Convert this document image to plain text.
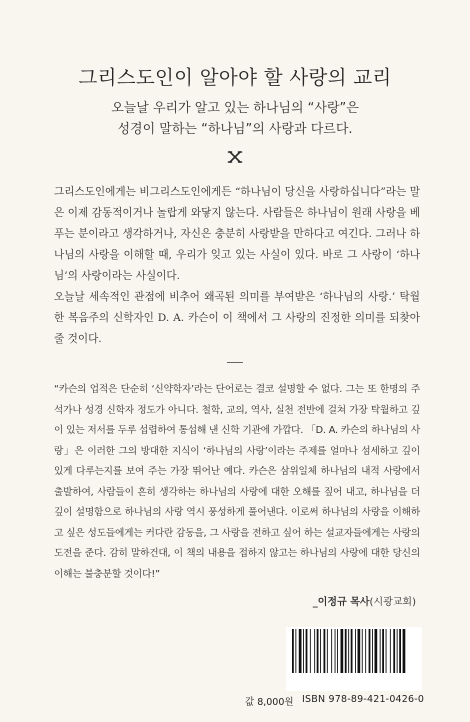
그리스도인이 알아야 할 사랑의 교리
오늘날 우리가 알고 있는 하나님의 “사랑”은
성경이 말하는 “하나님”의 사랑과 다르다.

그리스도인에게는 비그리스도인에게든 “하나님이 당신을 사랑하십니다”라는 말은 이제 감동적이거나 놀랍게 와닿지 않는다. 사람들은 하나님이 원래 사랑을 베푸는 분이라고 생각하거나, 자신은 충분히 사랑받을 만하다고 여긴다. 그러나 하나님의 사랑을 이해할 때, 우리가 잊고 있는 사실이 있다. 바로 그 사랑이 ‘하나님’의 사랑이라는 사실이다.

오늘날 세속적인 관점에 비추어 왜곡된 의미를 부여받은 ‘하나님의 사랑.’ 탁월한 복음주의 신학자인 D. A. 카슨이 이 책에서 그 사랑의 진정한 의미를 되찾아 줄 것이다.

“카슨의 업적은 단순히 ‘신약학자’라는 단어로는 결코 설명할 수 없다. 그는 또 한명의 주석가나 성경 신학자 정도가 아니다. 철학, 교의, 역사, 실천 전반에 걸쳐 가장 탁월하고 깊이 있는 저서를 두루 섭렵하여 통섭해 낸 신학 기관에 가깝다. 「D. A. 카슨의 하나님의 사랑」은 이러한 그의 방대한 지식이 ‘하나님의 사랑’이라는 주제를 얼마나 섬세하고 깊이 있게 다루는지를 보여 주는 가장 뛰어난 예다. 카슨은 삼위일체 하나님의 내적 사랑에서 출발하여, 사람들이 흔히 생각하는 하나님의 사랑에 대한 오해를 짚어 내고, 하나님을 더 깊이 설명함으로 하나님의 사랑 역시 풍성하게 풀어낸다. 이로써 하나님의 사랑을 이해하고 싶은 성도들에게는 커다란 감동을, 그 사랑을 전하고 싶어 하는 설교자들에게는 사랑의 도전을 준다. 감히 말하건대, 이 책의 내용을 접하지 않고는 하나님의 사랑에 대한 당신의 이해는 불충분할 것이다!”

_이정규 목사(시광교회)
값 8,000원 ISBN 978-89-421-0426-0
